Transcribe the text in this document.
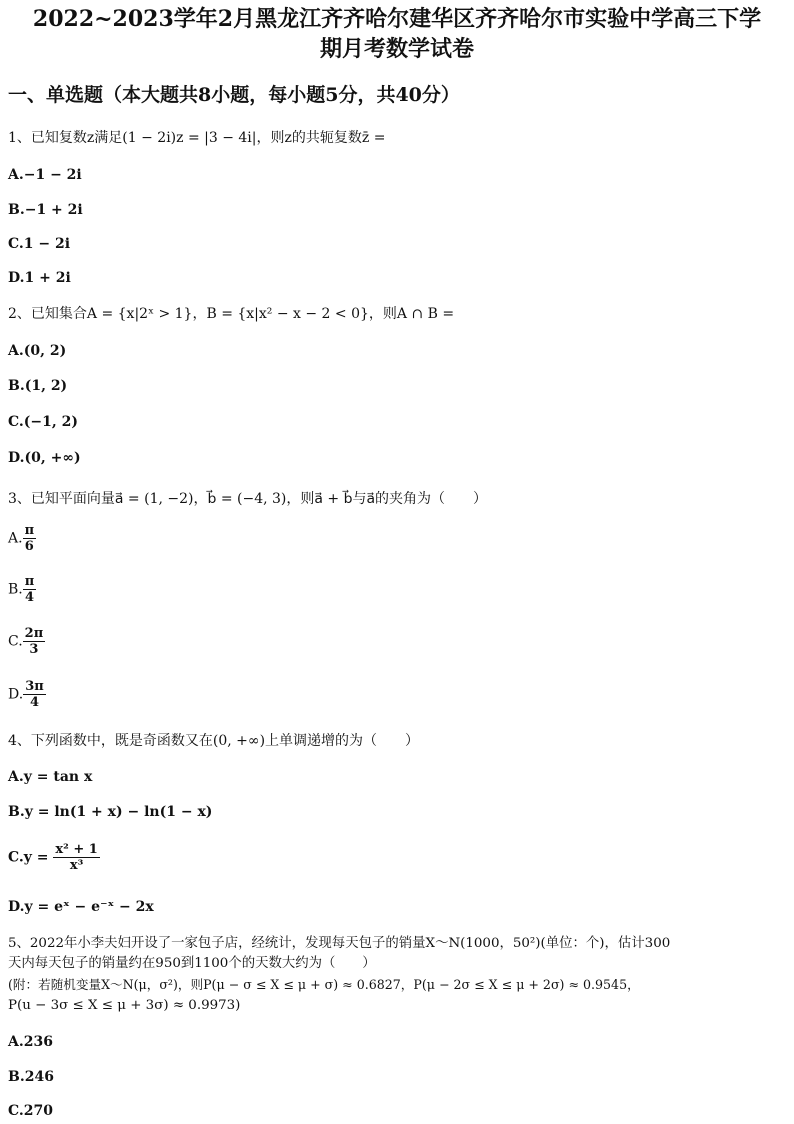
2022~2023学年2月黑龙江齐齐哈尔建华区齐齐哈尔市实验中学高三下学
期月考数学试卷
一、单选题（本大题共8小题，每小题5分，共40分）
1、已知复数z满足(1 − 2i)z = |3 − 4i|，则z的共轭复数z̄ =
A.−1 − 2i
B.−1 + 2i
C.1 − 2i
D.1 + 2i
2、已知集合A = {x|2ˣ > 1}，B = {x|x² − x − 2 < 0}，则A ∩ B =
A.(0, 2)
B.(1, 2)
C.(−1, 2)
D.(0, +∞)
3、已知平面向量a⃗ = (1, −2)，b⃗ = (−4, 3)，则a⃗ + b⃗与a⃗的夹角为（　　）
A. $\frac{\pi}{6}$
B. $\frac{\pi}{4}$
C. $\frac{2\pi}{3}$
D. $\frac{3\pi}{4}$
4、下列函数中，既是奇函数又在(0, +∞)上单调递增的为（　　）
A.y = tan x
B.y = ln(1 + x) − ln(1 − x)
$C.y = \frac{\text{x² + 1}}{\text{x³}}$
D.y = eˣ − e⁻ˣ − 2x
5、2022年小李夫妇开设了一家包子店，经统计，发现每天包子的销量X～N(1000，50²)(单位：个)，估计300
天内每天包子的销量约在950到1100个的天数大约为（　　）
(附：若随机变量X～N(μ，σ²)，则P(μ − σ ≤ X ≤ μ + σ) ≈ 0.6827，P(μ − 2σ ≤ X ≤ μ + 2σ) ≈ 0.9545，
P(u − 3σ ≤ X ≤ μ + 3σ) ≈ 0.9973)
A.236
B.246
C.270
